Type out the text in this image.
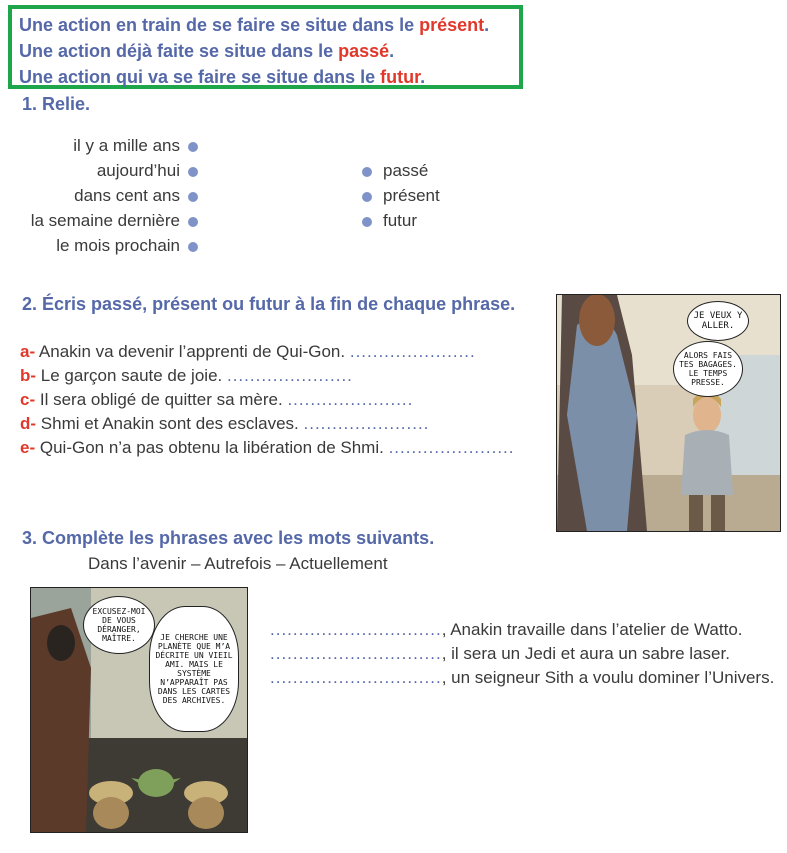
Une action en train de se faire se situe dans le présent.
Une action déjà faite se situe dans le passé.
Une action qui va se faire se situe dans le futur.
1. Relie.
il y a mille ans
aujourd’hui
dans cent ans
la semaine dernière
le mois prochain
passé
présent
futur
2. Écris passé, présent ou futur à la fin de chaque phrase.
a- Anakin va devenir l’apprenti de Qui-Gon. ......................
b- Le garçon saute de joie. ......................
c- Il sera obligé de quitter sa mère. ......................
d- Shmi et Anakin sont des esclaves. ......................
e- Qui-Gon n’a pas obtenu la libération de Shmi. ......................
JE VEUX Y ALLER.
ALORS FAIS TES BAGAGES. LE TEMPS PRESSE.
3. Complète les phrases avec les mots suivants.
Dans l’avenir – Autrefois – Actuellement
EXCUSEZ-MOI DE VOUS DÉRANGER, MAÎTRE.	JE CHERCHE UNE PLANÈTE QUE M’A DÉCRITE UN VIEIL AMI. MAIS LE SYSTÈME N’APPARAÎT PAS DANS LES CARTES DES ARCHIVES.
.............................., Anakin travaille dans l’atelier de Watto.
.............................., il sera un Jedi et aura un sabre laser.
.............................., un seigneur Sith a voulu dominer l’Univers.
